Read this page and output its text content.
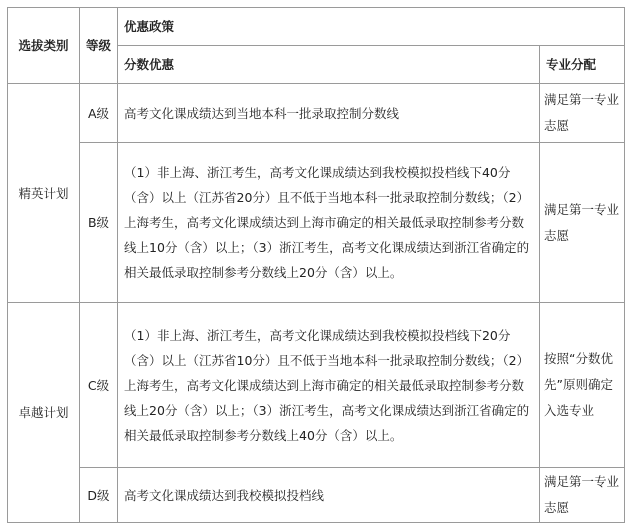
选拔类别	等级	优惠政策	
		分数优惠	专业分配
精英计划	A级	高考文化课成绩达到当地本科一批录取控制分数线	满足第一专业志愿
	B级	（1）非上海、浙江考生，高考文化课成绩达到我校模拟投档线下40分（含）以上（江苏省20分）且不低于当地本科一批录取控制分数线；（2）上海考生，高考文化课成绩达到上海市确定的相关最低录取控制参考分数线上10分（含）以上；（3）浙江考生，高考文化课成绩达到浙江省确定的相关最低录取控制参考分数线上20分（含）以上。	满足第一专业志愿
卓越计划	C级	（1）非上海、浙江考生，高考文化课成绩达到我校模拟投档线下20分（含）以上（江苏省10分）且不低于当地本科一批录取控制分数线；（2）上海考生，高考文化课成绩达到上海市确定的相关最低录取控制参考分数线上20分（含）以上；（3）浙江考生，高考文化课成绩达到浙江省确定的相关最低录取控制参考分数线上40分（含）以上。	按照“分数优先”原则确定入选专业
	D级	高考文化课成绩达到我校模拟投档线	满足第一专业志愿
